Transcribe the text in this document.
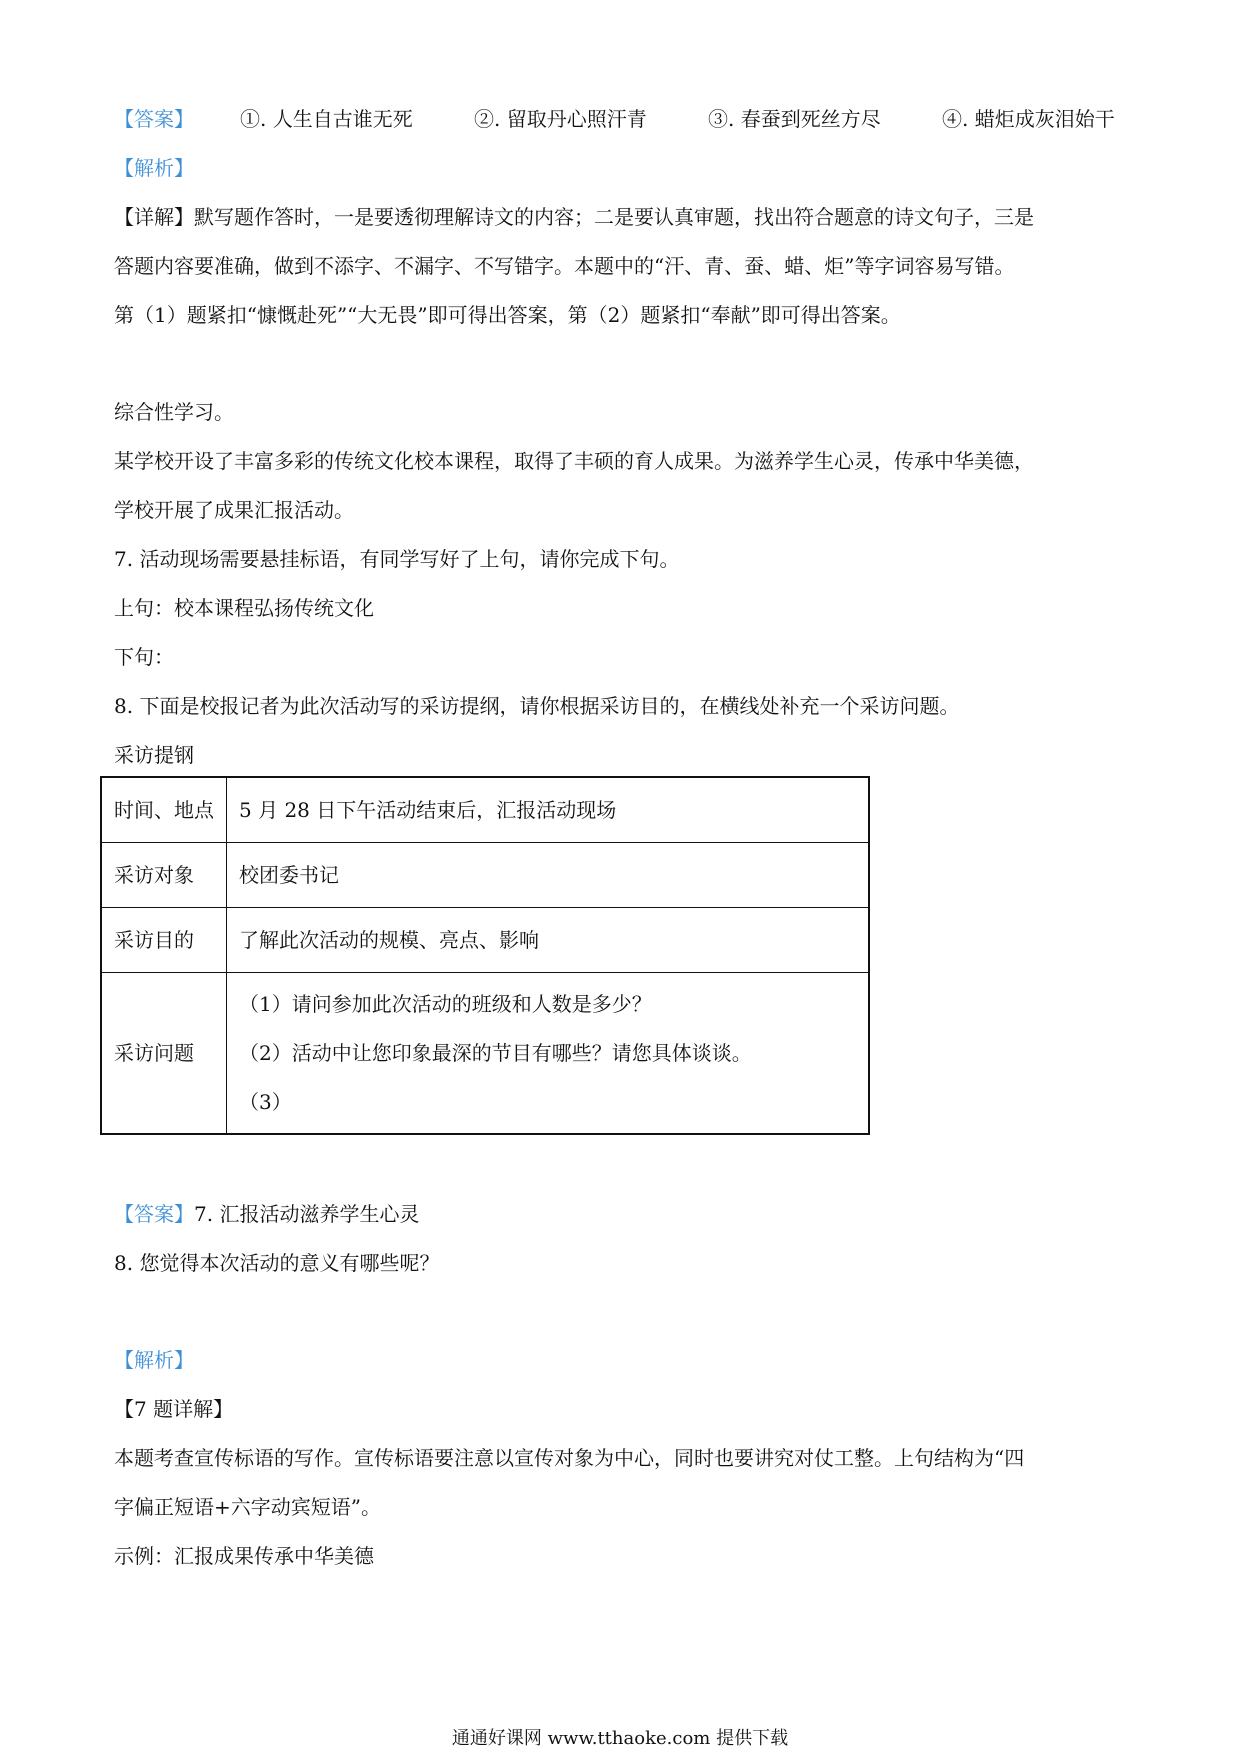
【答案】 ①. 人生自古谁无死	②. 留取丹心照汗青	③. 春蚕到死丝方尽	④. 蜡炬成灰泪始干
【解析】
【详解】默写题作答时，一是要透彻理解诗文的内容；二是要认真审题，找出符合题意的诗文句子，三是
答题内容要准确，做到不添字、不漏字、不写错字。本题中的“汗、青、蚕、蜡、炬”等字词容易写错。
第（1）题紧扣“慷慨赴死”“大无畏”即可得出答案，第（2）题紧扣“奉献”即可得出答案。
综合性学习。
某学校开设了丰富多彩的传统文化校本课程，取得了丰硕的育人成果。为滋养学生心灵，传承中华美德，
学校开展了成果汇报活动。
7. 活动现场需要悬挂标语，有同学写好了上句，请你完成下句。
上句：校本课程弘扬传统文化
下句：
8. 下面是校报记者为此次活动写的采访提纲，请你根据采访目的，在横线处补充一个采访问题。
采访提钢
时间、地点	5 月 28 日下午活动结束后，汇报活动现场
采访对象	校团委书记
采访目的	了解此次活动的规模、亮点、影响
采访问题	（1）请问参加此次活动的班级和人数是多少？
（2）活动中让您印象最深的节目有哪些？请您具体谈谈。
（3）
【答案】7. 汇报活动滋养学生心灵
8. 您觉得本次活动的意义有哪些呢？
【解析】
【7 题详解】
本题考查宣传标语的写作。宣传标语要注意以宣传对象为中心，同时也要讲究对仗工整。上句结构为“四
字偏正短语+六字动宾短语”。
示例：汇报成果传承中华美德
通通好课网 www.tthaoke.com 提供下载
